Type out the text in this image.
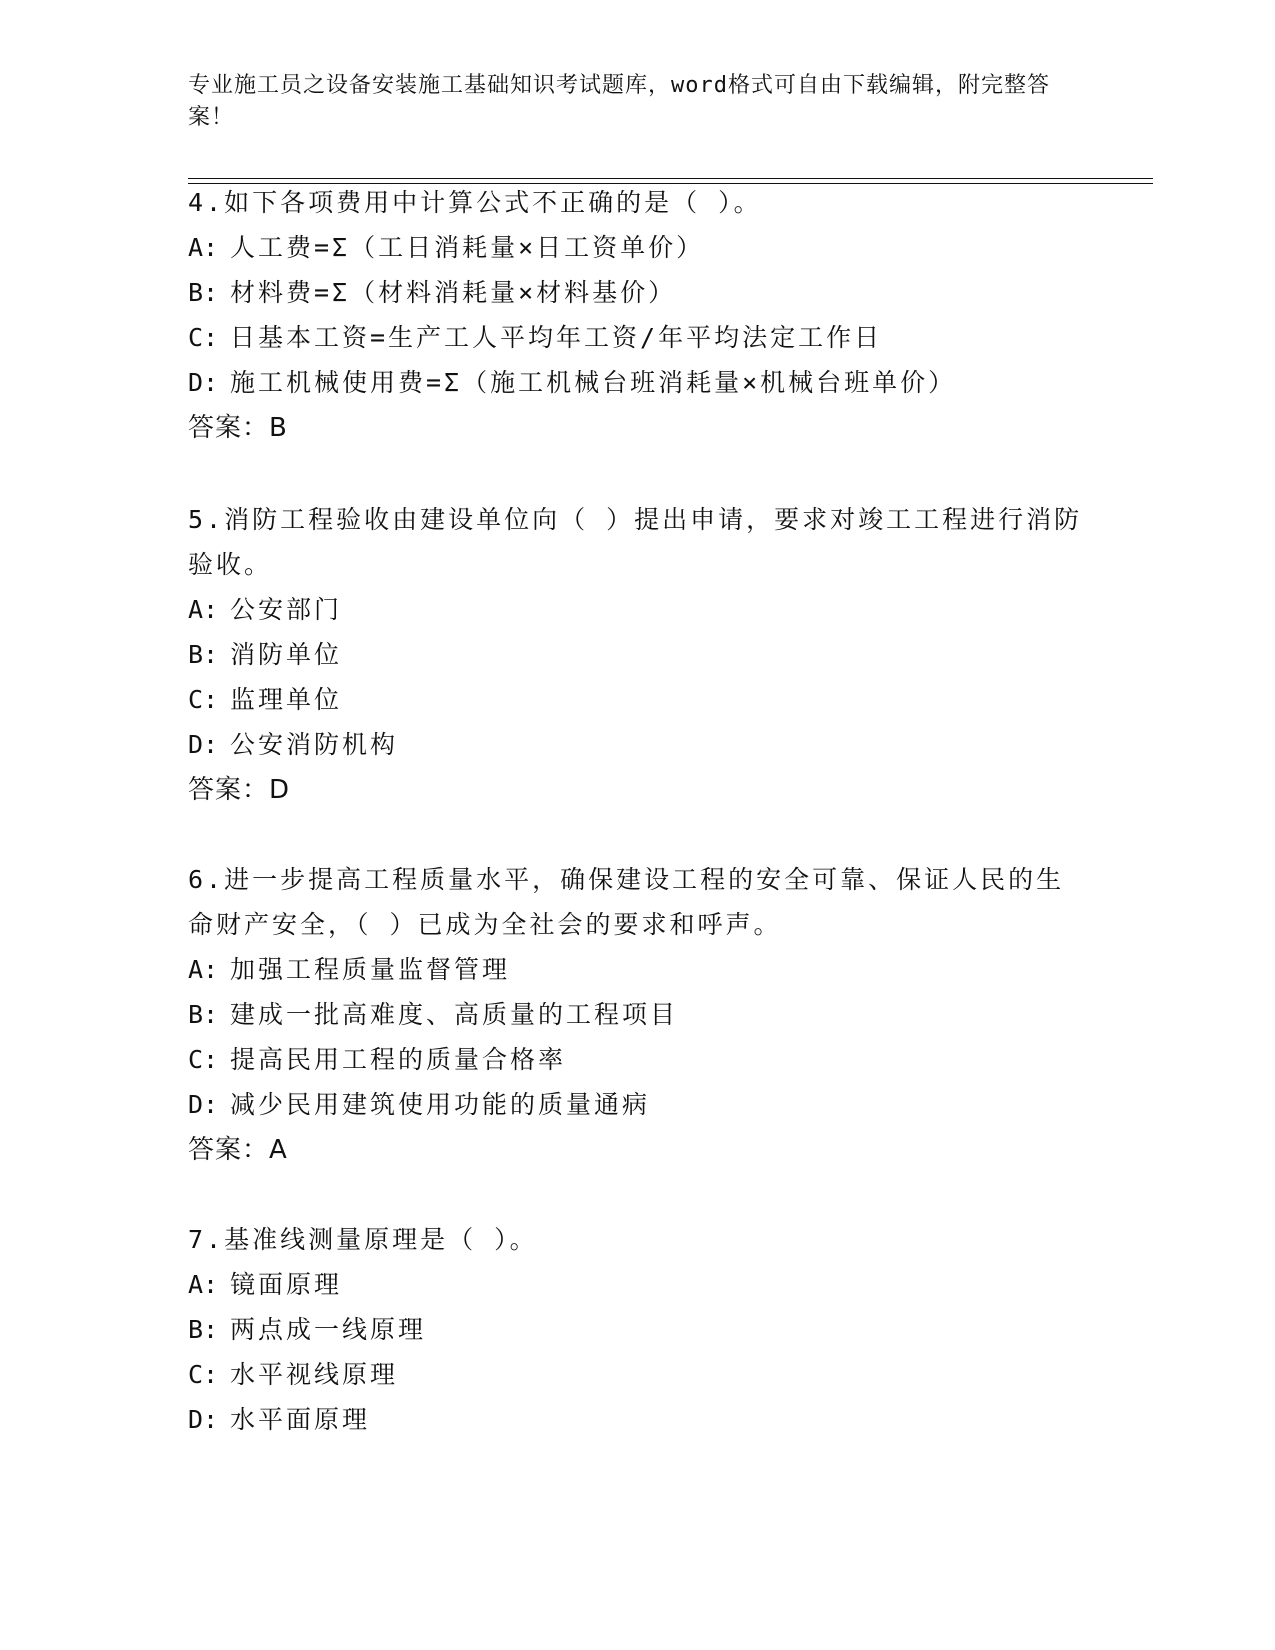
专业施工员之设备安装施工基础知识考试题库，word格式可自由下载编辑，附完整答案！
4.如下各项费用中计算公式不正确的是（ ）。
A: 人工费=Σ（工日消耗量×日工资单价）
B: 材料费=Σ（材料消耗量×材料基价）
C: 日基本工资=生产工人平均年工资/年平均法定工作日
D: 施工机械使用费=Σ（施工机械台班消耗量×机械台班单价）
答案：B
5.消防工程验收由建设单位向（ ）提出申请，要求对竣工工程进行消防验收。
A: 公安部门
B: 消防单位
C: 监理单位
D: 公安消防机构
答案：D
6.进一步提高工程质量水平，确保建设工程的安全可靠、保证人民的生命财产安全，（ ）已成为全社会的要求和呼声。
A: 加强工程质量监督管理
B: 建成一批高难度、高质量的工程项目
C: 提高民用工程的质量合格率
D: 减少民用建筑使用功能的质量通病
答案：A
7.基准线测量原理是（ ）。
A: 镜面原理
B: 两点成一线原理
C: 水平视线原理
D: 水平面原理
